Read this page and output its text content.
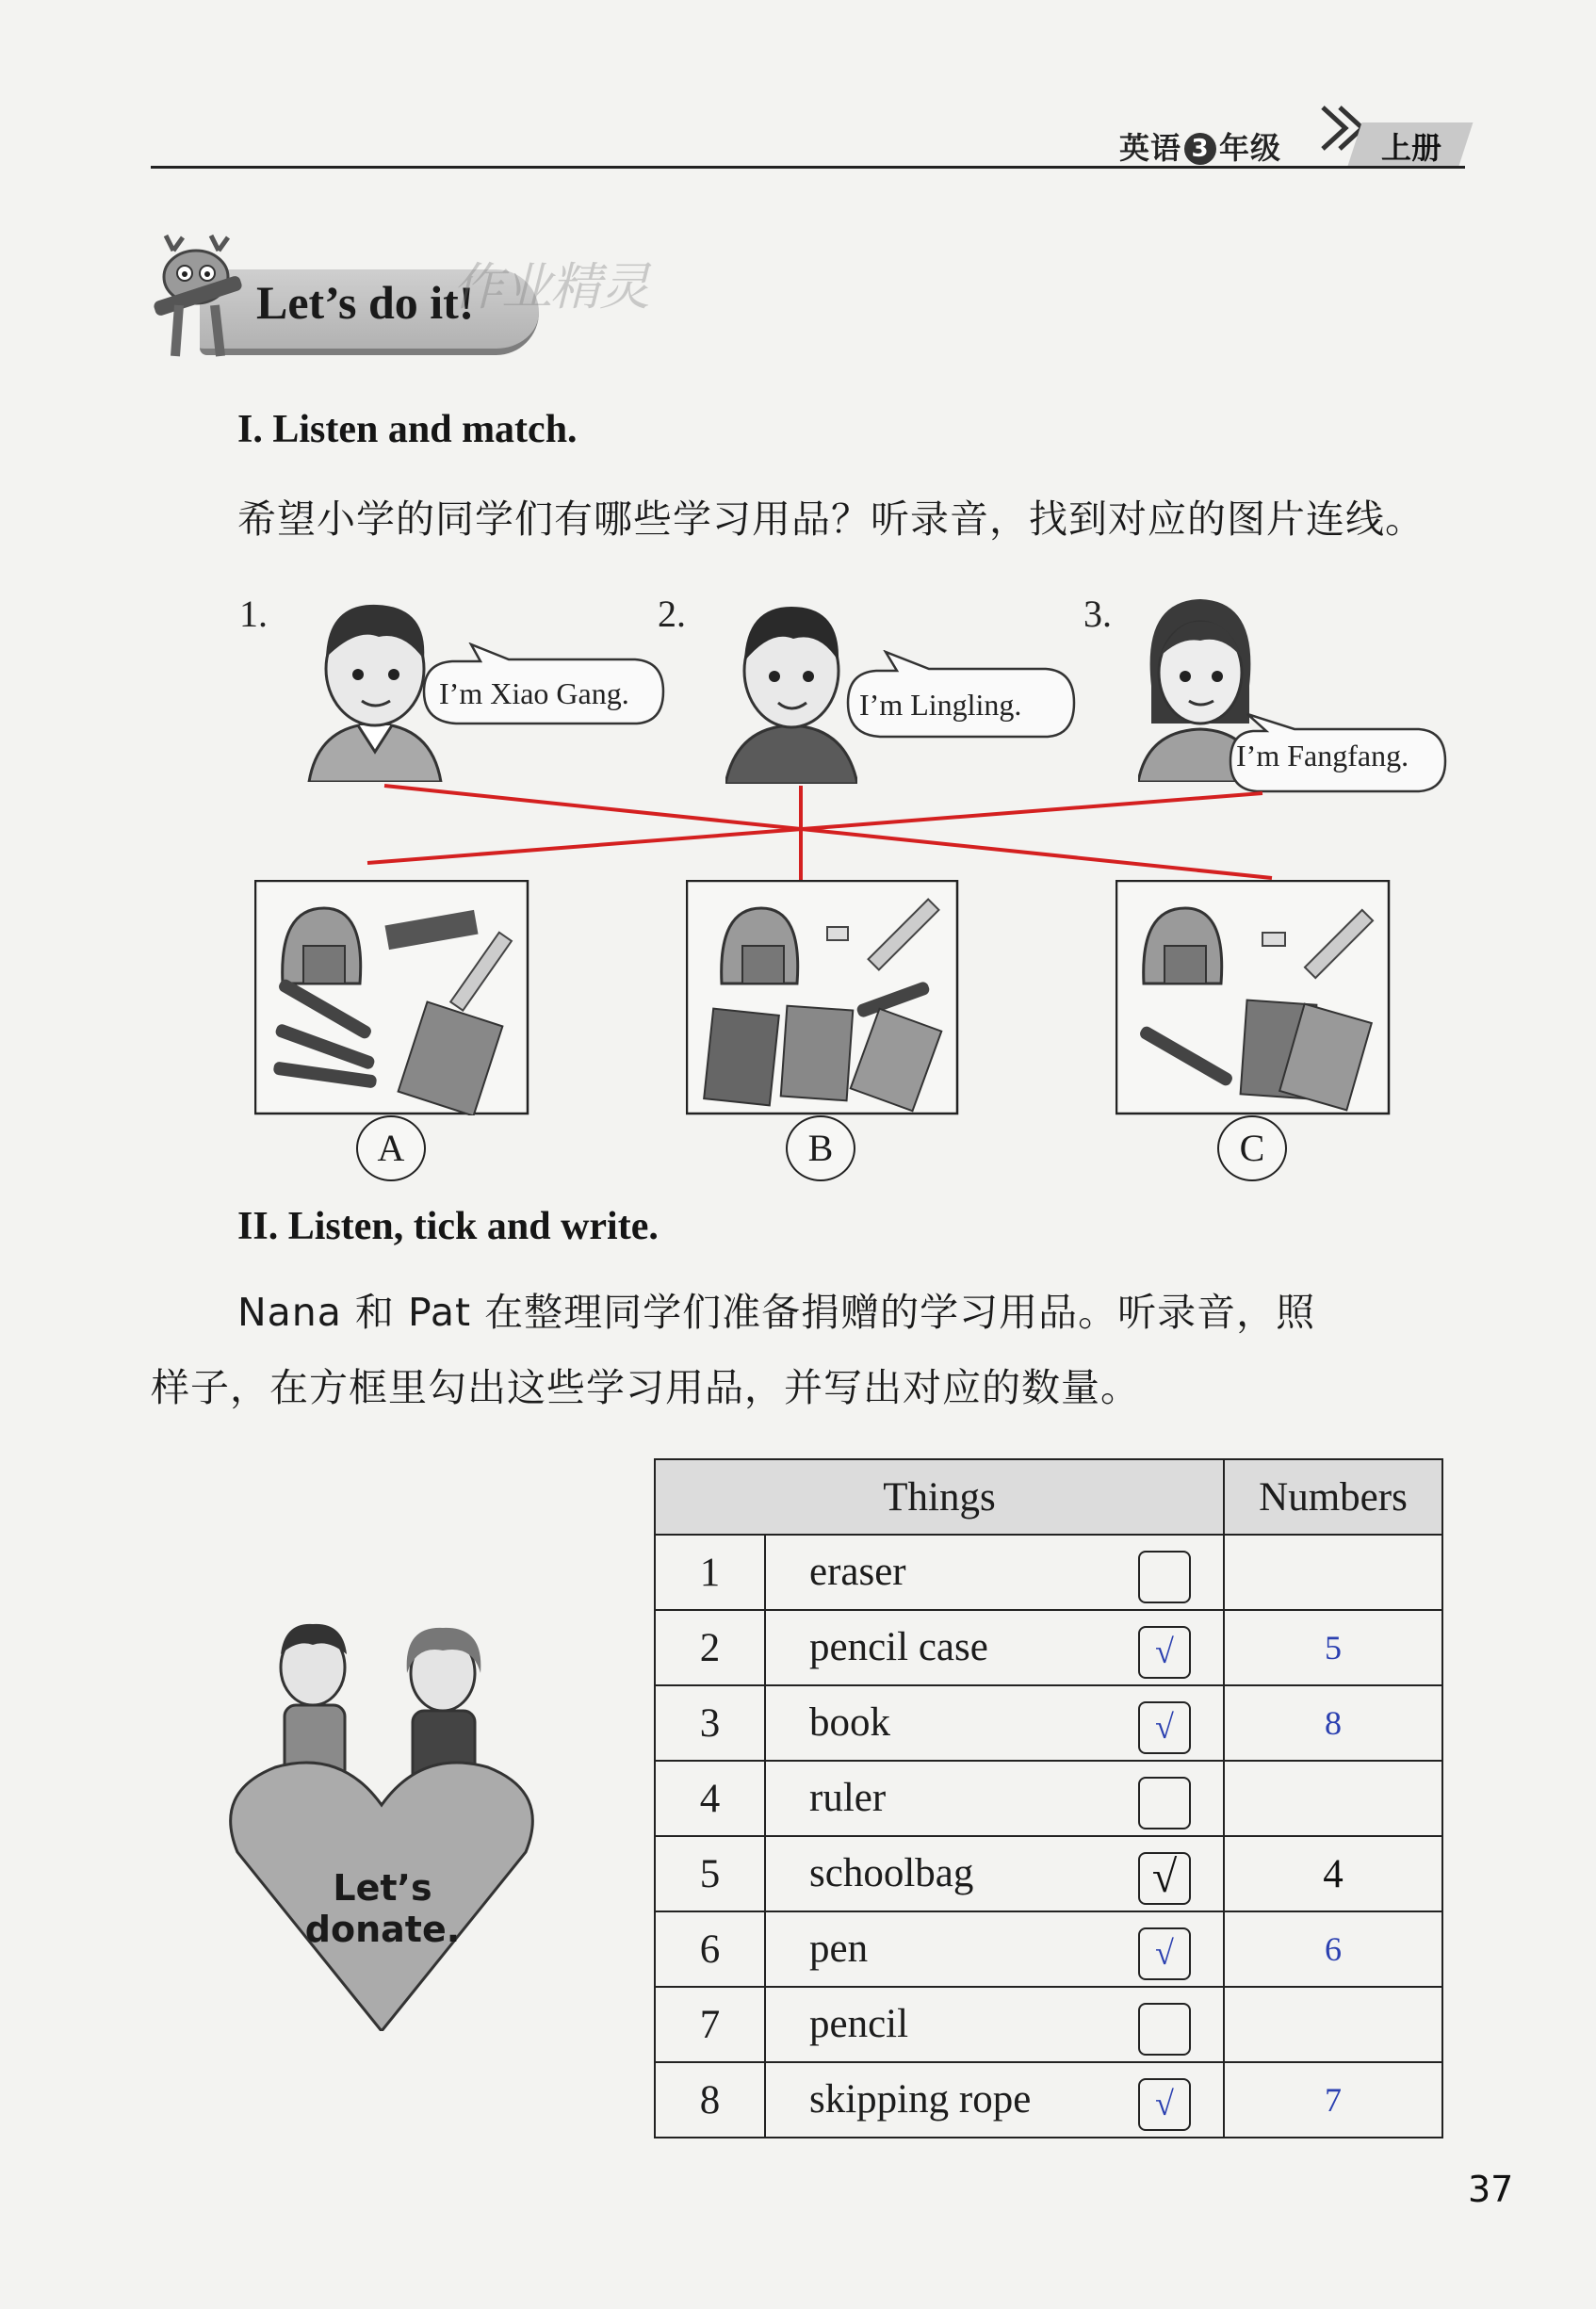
英语 3 年级	上册
Let’s do it!
作业精灵
I. Listen and match.
希望小学的同学们有哪些学习用品？听录音，找到对应的图片连线。
1.	2.	3.
I’m Xiao Gang.	I’m Lingling.
I’m Fangfang.
A	B	C
II. Listen, tick and write.
Nana 和 Pat 在整理同学们准备捐赠的学习用品。听录音，照
样子，在方框里勾出这些学习用品，并写出对应的数量。
Let’s donate.
Things		Numbers
1	eraser	

2	pencil case √	5
3	book √	8
4	ruler	

5	schoolbag √	4
6	pen √	6
7	pencil	

8	skipping rope √	7
37
